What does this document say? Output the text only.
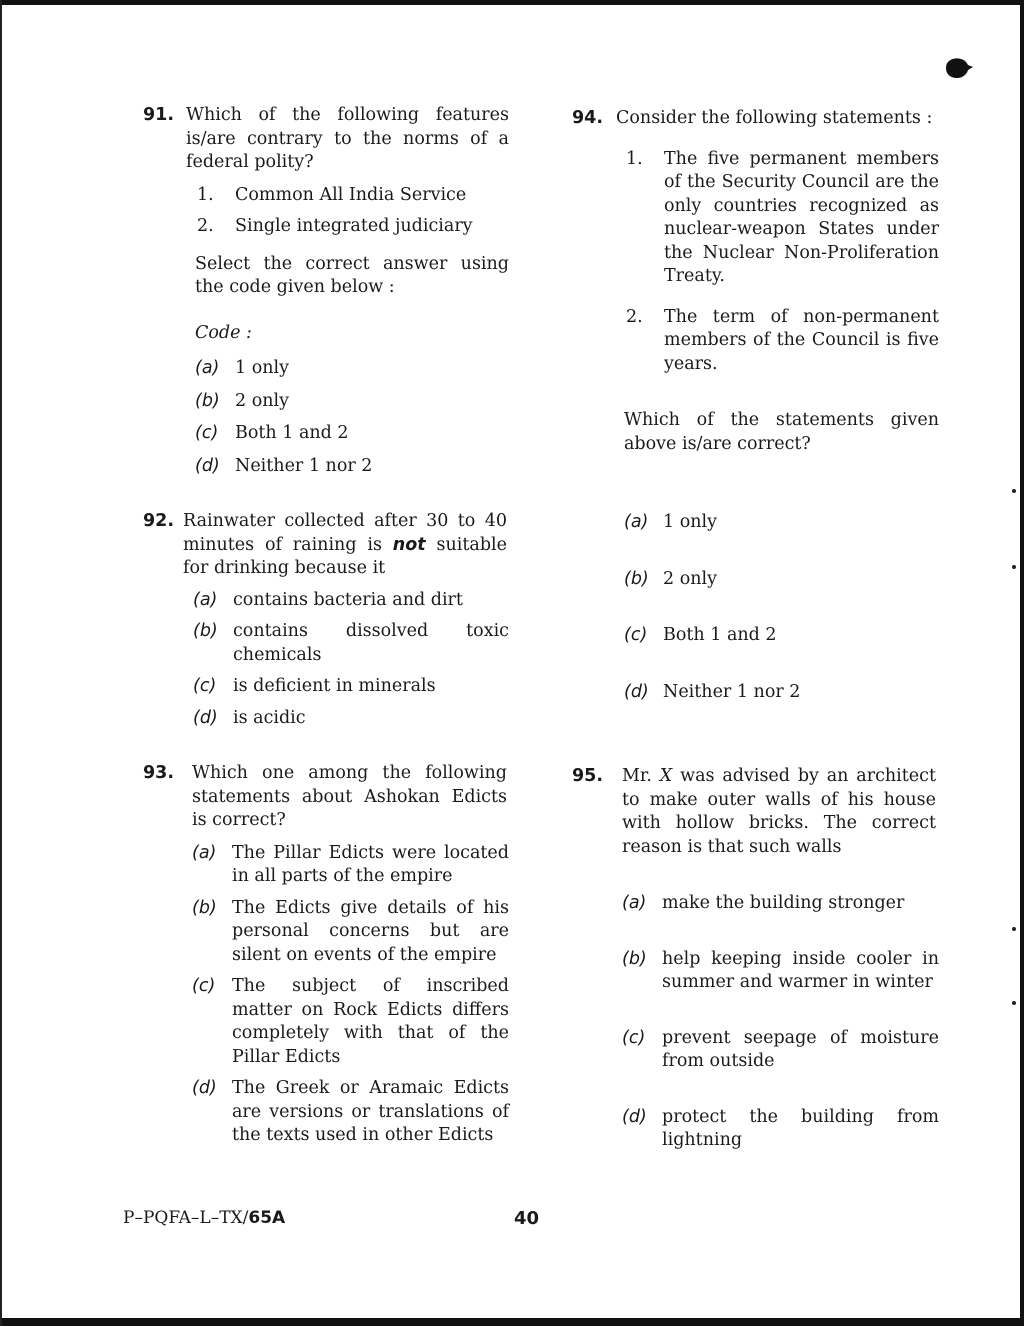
91. Which of the following features is/are contrary to the norms of a federal polity?
1. Common All India Service
2. Single integrated judiciary
Select the correct answer using the code given below :
Code :
(a) 1 only
(b) 2 only
(c) Both 1 and 2
(d) Neither 1 nor 2
92. Rainwater collected after 30 to 40 minutes of raining is not suitable for drinking because it
(a) contains bacteria and dirt
(b) contains dissolved toxic chemicals
(c) is deficient in minerals
(d) is acidic
93. Which one among the following statements about Ashokan Edicts is correct?
(a) The Pillar Edicts were located in all parts of the empire
(b) The Edicts give details of his personal concerns but are silent on events of the empire
(c) The subject of inscribed matter on Rock Edicts differs completely with that of the Pillar Edicts
(d) The Greek or Aramaic Edicts are versions or translations of the texts used in other Edicts
94. Consider the following statements :
1. The five permanent members of the Security Council are the only countries recognized as nuclear-weapon States under the Nuclear Non-Proliferation Treaty.
2. The term of non-permanent members of the Council is five years.
Which of the statements given above is/are correct?
(a) 1 only
(b) 2 only
(c) Both 1 and 2
(d) Neither 1 nor 2
95. Mr. X was advised by an architect to make outer walls of his house with hollow bricks. The correct reason is that such walls
(a) make the building stronger
(b) help keeping inside cooler in summer and warmer in winter
(c) prevent seepage of moisture from outside
(d) protect the building from lightning
P–PQFA–L–TX/65A	40
